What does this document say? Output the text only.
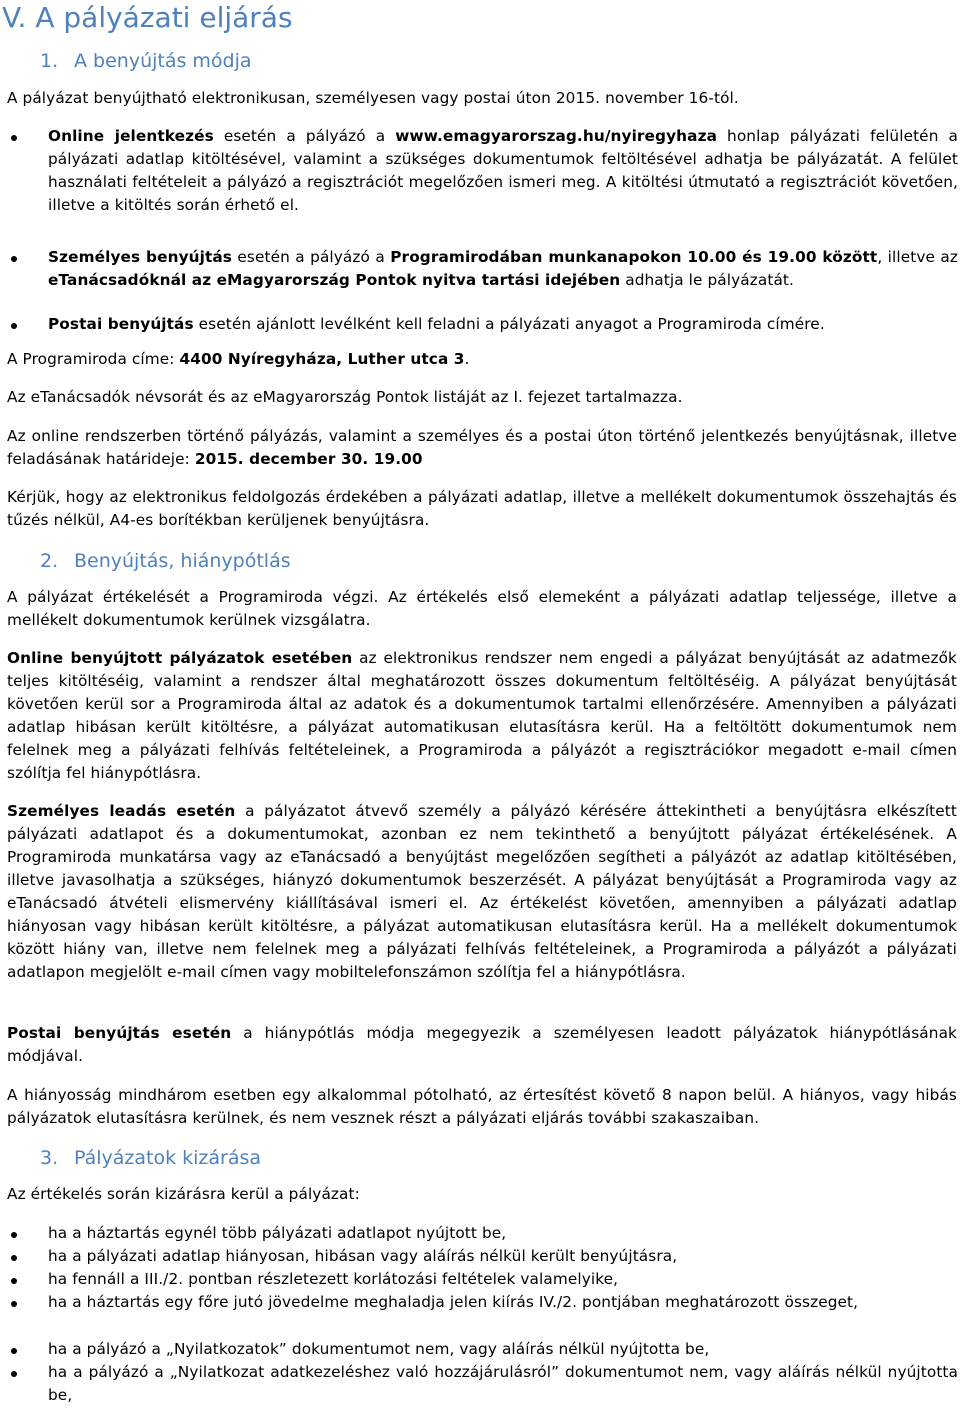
V. A pályázati eljárás
1. A benyújtás módja

A pályázat benyújtható elektronikusan, személyesen vagy postai úton 2015. november 16-tól.

Online jelentkezés esetén a pályázó a www.emagyarorszag.hu/nyiregyhaza honlap pályázati felületén a pályázati adatlap kitöltésével, valamint a szükséges dokumentumok feltöltésével adhatja be pályázatát. A felület használati feltételeit a pályázó a regisztrációt megelőzően ismeri meg. A kitöltési útmutató a regisztrációt követően, illetve a kitöltés során érhető el.

Személyes benyújtás esetén a pályázó a Programirodában munkanapokon 10.00 és 19.00 között, illetve az eTanácsadóknál az eMagyarország Pontok nyitva tartási idejében adhatja le pályázatát.

Postai benyújtás esetén ajánlott levélként kell feladni a pályázati anyagot a Programiroda címére.

A Programiroda címe: 4400 Nyíregyháza, Luther utca 3.

Az eTanácsadók névsorát és az eMagyarország Pontok listáját az I. fejezet tartalmazza.

Az online rendszerben történő pályázás, valamint a személyes és a postai úton történő jelentkezés benyújtásnak, illetve feladásának határideje: 2015. december 30. 19.00

Kérjük, hogy az elektronikus feldolgozás érdekében a pályázati adatlap, illetve a mellékelt dokumentumok összehajtás és tűzés nélkül, A4-es borítékban kerüljenek benyújtásra.

2. Benyújtás, hiánypótlás

A pályázat értékelését a Programiroda végzi. Az értékelés első elemeként a pályázati adatlap teljessége, illetve a mellékelt dokumentumok kerülnek vizsgálatra.

Online benyújtott pályázatok esetében az elektronikus rendszer nem engedi a pályázat benyújtását az adatmezők teljes kitöltéséig, valamint a rendszer által meghatározott összes dokumentum feltöltéséig. A pályázat benyújtását követően kerül sor a Programiroda által az adatok és a dokumentumok tartalmi ellenőrzésére. Amennyiben a pályázati adatlap hibásan került kitöltésre, a pályázat automatikusan elutasításra kerül. Ha a feltöltött dokumentumok nem felelnek meg a pályázati felhívás feltételeinek, a Programiroda a pályázót a regisztrációkor megadott e-mail címen szólítja fel hiánypótlásra.

Személyes leadás esetén a pályázatot átvevő személy a pályázó kérésére áttekintheti a benyújtásra elkészített pályázati adatlapot és a dokumentumokat, azonban ez nem tekinthető a benyújtott pályázat értékelésének. A Programiroda munkatársa vagy az eTanácsadó a benyújtást megelőzően segítheti a pályázót az adatlap kitöltésében, illetve javasolhatja a szükséges, hiányzó dokumentumok beszerzését. A pályázat benyújtását a Programiroda vagy az eTanácsadó átvételi elismervény kiállításával ismeri el. Az értékelést követően, amennyiben a pályázati adatlap hiányosan vagy hibásan került kitöltésre, a pályázat automatikusan elutasításra kerül. Ha a mellékelt dokumentumok között hiány van, illetve nem felelnek meg a pályázati felhívás feltételeinek, a Programiroda a pályázót a pályázati adatlapon megjelölt e-mail címen vagy mobiltelefonszámon szólítja fel a hiánypótlásra.

Postai benyújtás esetén a hiánypótlás módja megegyezik a személyesen leadott pályázatok hiánypótlásának módjával.

A hiányosság mindhárom esetben egy alkalommal pótolható, az értesítést követő 8 napon belül. A hiányos, vagy hibás pályázatok elutasításra kerülnek, és nem vesznek részt a pályázati eljárás további szakaszaiban.

3. Pályázatok kizárása

Az értékelés során kizárásra kerül a pályázat:

ha a háztartás egynél több pályázati adatlapot nyújtott be,

ha a pályázati adatlap hiányosan, hibásan vagy aláírás nélkül került benyújtásra,

ha fennáll a III./2. pontban részletezett korlátozási feltételek valamelyike,

ha a háztartás egy főre jutó jövedelme meghaladja jelen kiírás IV./2. pontjában meghatározott összeget,

ha a pályázó a „Nyilatkozatok” dokumentumot nem, vagy aláírás nélkül nyújtotta be,

ha a pályázó a „Nyilatkozat adatkezeléshez való hozzájárulásról” dokumentumot nem, vagy aláírás nélkül nyújtotta be,
